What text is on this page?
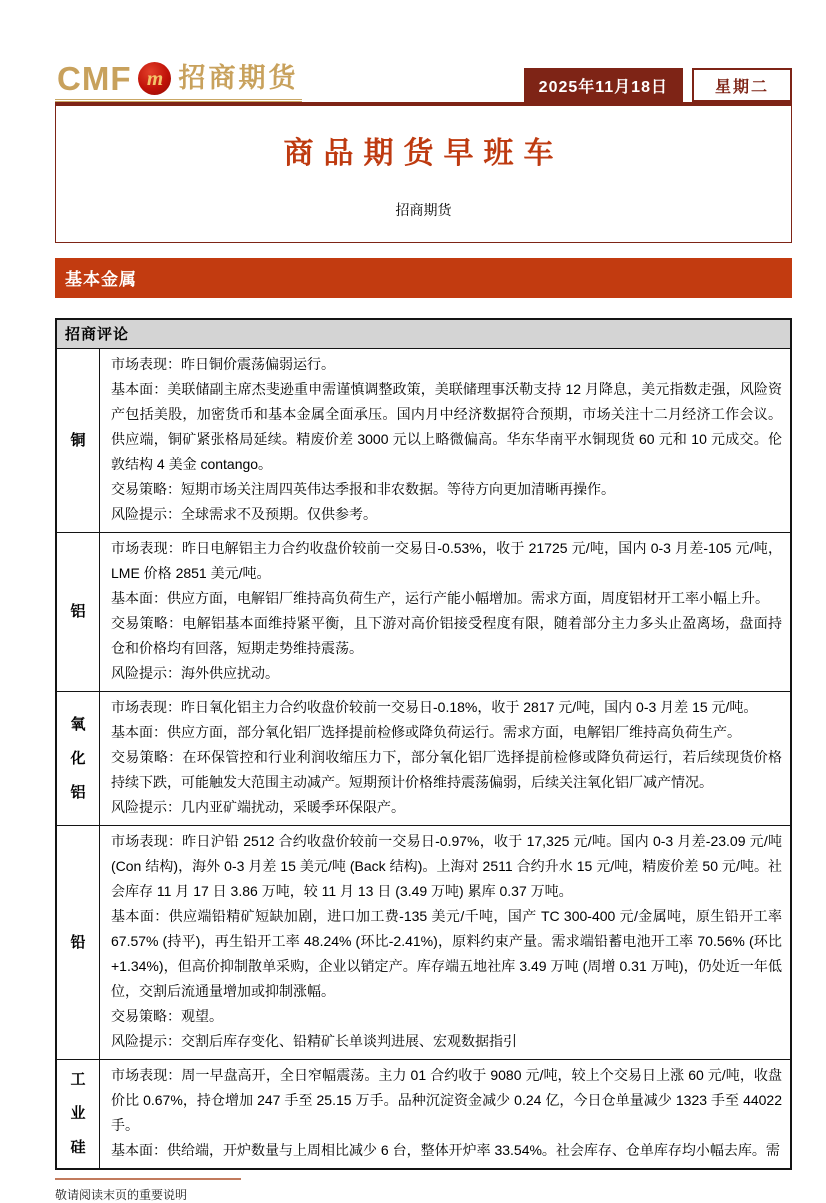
CMF m 招商期货	2025年11月18日	星期二
商品期货早班车
招商期货
基本金属
招商评论	
铜	市场表现：昨日铜价震荡偏弱运行。
基本面：美联储副主席杰斐逊重申需谨慎调整政策，美联储理事沃勒支持 12 月降息，美元指数走强，风险资产包括美股，加密货币和基本金属全面承压。国内月中经济数据符合预期，市场关注十二月经济工作会议。供应端，铜矿紧张格局延续。精废价差 3000 元以上略微偏高。华东华南平水铜现货 60 元和 10 元成交。伦敦结构 4 美金 contango。
交易策略：短期市场关注周四英伟达季报和非农数据。等待方向更加清晰再操作。
风险提示：全球需求不及预期。仅供参考。

铝	市场表现：昨日电解铝主力合约收盘价较前一交易日-0.53%，收于 21725 元/吨，国内 0-3 月差-105 元/吨，LME 价格 2851 美元/吨。
基本面：供应方面，电解铝厂维持高负荷生产，运行产能小幅增加。需求方面，周度铝材开工率小幅上升。
交易策略：电解铝基本面维持紧平衡，且下游对高价铝接受程度有限，随着部分主力多头止盈离场，盘面持仓和价格均有回落，短期走势维持震荡。
风险提示：海外供应扰动。

氧化铝	市场表现：昨日氧化铝主力合约收盘价较前一交易日-0.18%，收于 2817 元/吨，国内 0-3 月差 15 元/吨。
基本面：供应方面，部分氧化铝厂选择提前检修或降负荷运行。需求方面，电解铝厂维持高负荷生产。
交易策略：在环保管控和行业利润收缩压力下，部分氧化铝厂选择提前检修或降负荷运行，若后续现货价格持续下跌，可能触发大范围主动减产。短期预计价格维持震荡偏弱，后续关注氧化铝厂减产情况。
风险提示：几内亚矿端扰动，采暖季环保限产。

铅	市场表现：昨日沪铅 2512 合约收盘价较前一交易日-0.97%，收于 17,325 元/吨。国内 0-3 月差-23.09 元/吨 (Con 结构)，海外 0-3 月差 15 美元/吨 (Back 结构)。上海对 2511 合约升水 15 元/吨，精废价差 50 元/吨。社会库存 11 月 17 日 3.86 万吨，较 11 月 13 日 (3.49 万吨) 累库 0.37 万吨。
基本面：供应端铅精矿短缺加剧，进口加工费-135 美元/千吨，国产 TC 300-400 元/金属吨，原生铅开工率 67.57% (持平)，再生铅开工率 48.24% (环比-2.41%)，原料约束产量。需求端铅蓄电池开工率 70.56% (环比+1.34%)，但高价抑制散单采购，企业以销定产。库存端五地社库 3.49 万吨 (周增 0.31 万吨)，仍处近一年低位，交割后流通量增加或抑制涨幅。
交易策略：观望。
风险提示：交割后库存变化、铅精矿长单谈判进展、宏观数据指引

工业硅	市场表现：周一早盘高开，全日窄幅震荡。主力 01 合约收于 9080 元/吨，较上个交易日上涨 60 元/吨，收盘价比 0.67%，持仓增加 247 手至 25.15 万手。品种沉淀资金减少 0.24 亿，今日仓单量减少 1323 手至 44022 手。
基本面：供给端，开炉数量与上周相比减少 6 台，整体开炉率 33.54%。社会库存、仓单库存均小幅去库。需
敬请阅读末页的重要说明
